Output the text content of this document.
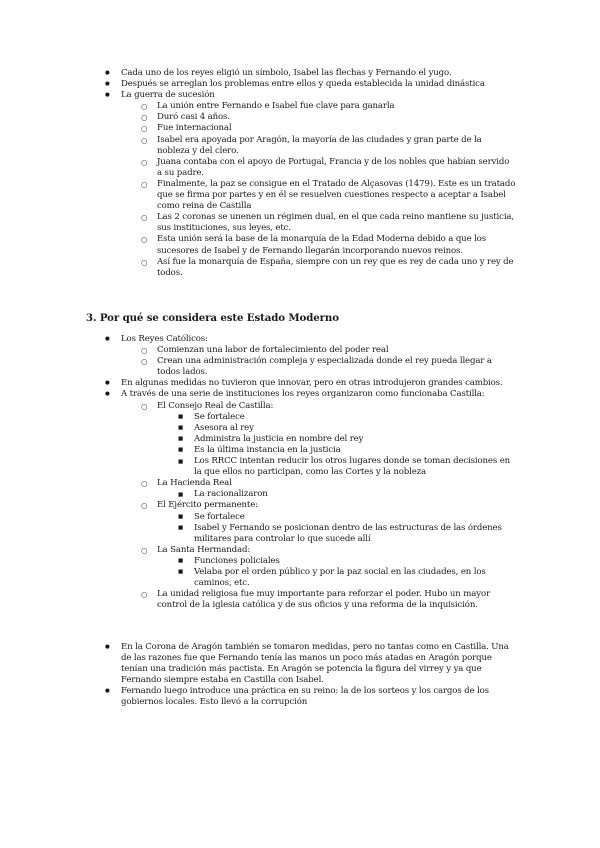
● Cada uno de los reyes eligió un símbolo, Isabel las flechas y Fernando el yugo.
● Después se arreglan los problemas entre ellos y queda establecida la unidad dinástica
● La guerra de sucesión
○ La unión entre Fernando e Isabel fue clave para ganarla
○ Duró casi 4 años.
○ Fue internacional
○ Isabel era apoyada por Aragón, la mayoría de las ciudades y gran parte de la nobleza y del clero.
○ Juana contaba con el apoyo de Portugal, Francia y de los nobles que habían servido a su padre.
○ Finalmente, la paz se consigue en el Tratado de Alçasovas (1479). Este es un tratado que se firma por partes y en él se resuelven cuestiones respecto a aceptar a Isabel como reina de Castilla
○ Las 2 coronas se unenen un régimen dual, en el que cada reino mantiene su justicia, sus instituciones, sus leyes, etc.
○ Esta unión será la base de la monarquía de la Edad Moderna debido a que los sucesores de Isabel y de Fernando llegarán incorporando nuevos reinos.
○ Así fue la monarquía de España, siempre con un rey que es rey de cada uno y rey de todos.
3. Por qué se considera este Estado Moderno
● Los Reyes Católicos:
○ Comienzan una labor de fortalecimiento del poder real
○ Crean una administración compleja y especializada donde el rey pueda llegar a todos lados.
● En algunas medidas no tuvieron que innovar, pero en otras introdujeron grandes cambios.
● A través de una serie de instituciones los reyes organizaron como funcionaba Castilla:
○ El Consejo Real de Castilla:
■ Se fortalece
■ Asesora al rey
■ Administra la justicia en nombre del rey
■ Es la última instancia en la justicia
■ Los RRCC intentan reducir los otros lugares donde se toman decisiones en la que ellos no participan, como las Cortes y la nobleza
○ La Hacienda Real
■ La racionalizaron
○ El Ejército permanente:
■ Se fortalece
■ Isabel y Fernando se posicionan dentro de las estructuras de las órdenes militares para controlar lo que sucede allí
○ La Santa Hermandad:
■ Funciones policiales
■ Velaba por el orden público y por la paz social en las ciudades, en los caminos, etc.
○ La unidad religiosa fue muy importante para reforzar el poder. Hubo un mayor control de la iglesia católica y de sus oficios y una reforma de la inquisición.
● En la Corona de Aragón también se tomaron medidas, pero no tantas como en Castilla. Una de las razones fue que Fernando tenía las manos un poco más atadas en Aragón porque tenían una tradición más pactista. En Aragón se potencia la figura del virrey y ya que Fernando siempre estaba en Castilla con Isabel.
● Fernando luego introduce una práctica en su reino: la de los sorteos y los cargos de los gobiernos locales. Esto llevó a la corrupción
